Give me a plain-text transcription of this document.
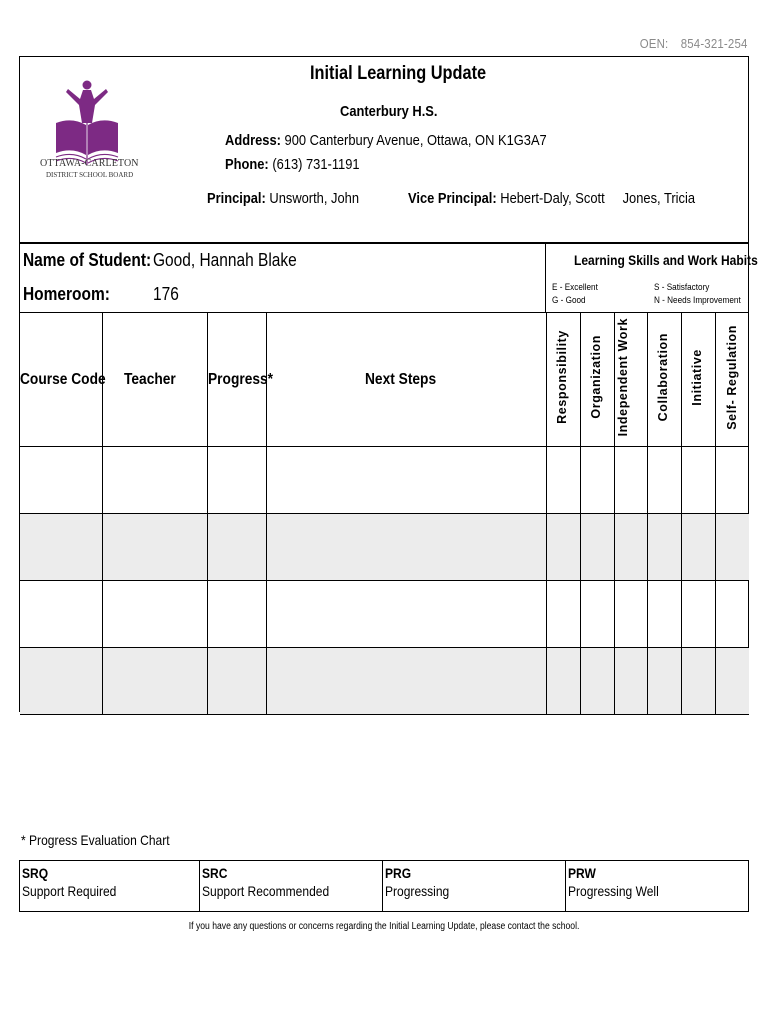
OEN: 854-321-254
OTTAWA-CARLETON
DISTRICT SCHOOL BOARD
Initial Learning Update
Canterbury H.S.
Address: 900 Canterbury Avenue, Ottawa, ON K1G3A7
Phone: (613) 731-1191
Principal: Unsworth, John	Vice Principal: Hebert-Daly, Scott     Jones, Tricia
Name of Student: Good, Hannah Blake
Homeroom:	176
Learning Skills and Work Habits
E - Excellent
G - Good
S - Satisfactory
N - Needs Improvement
Course Code	Teacher	Progress*	Next Steps	Responsibility	Organization	Independent Work	Collaboration	Initiative	Self- Regulation

* Progress Evaluation Chart
SRQ
Support Required
SRC
Support Recommended
PRG
Progressing
PRW
Progressing Well
If you have any questions or concerns regarding the Initial Learning Update, please contact the school.
